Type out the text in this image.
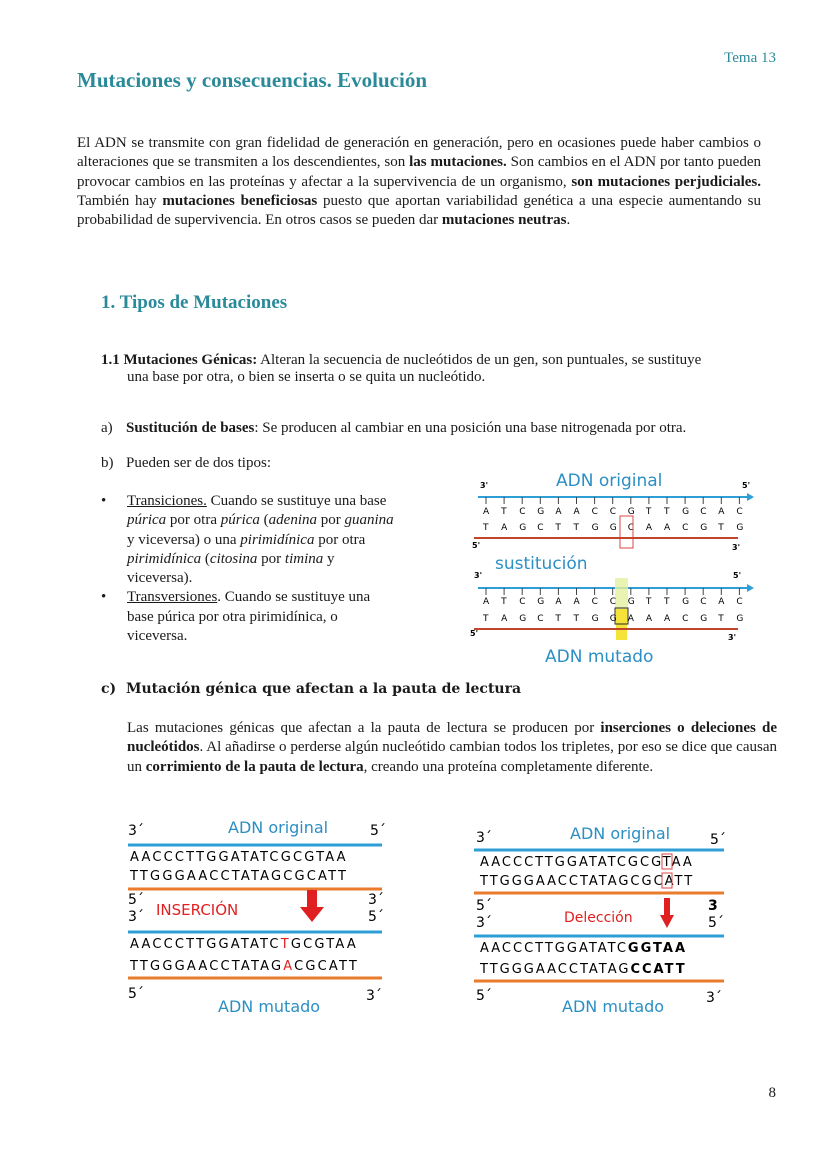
Tema 13
Mutaciones y consecuencias. Evolución
El ADN se transmite con gran fidelidad de generación en generación, pero en ocasiones puede haber cambios o alteraciones que se transmiten a los descendientes, son las mutaciones. Son cambios en el ADN por tanto pueden provocar cambios en las proteínas y afectar a la supervivencia de un organismo, son mutaciones perjudiciales. También hay mutaciones beneficiosas puesto que aportan variabilidad genética a una especie aumentando su probabilidad de supervivencia. En otros casos se pueden dar mutaciones neutras.
1. Tipos de Mutaciones
1.1 Mutaciones Génicas: Alteran la secuencia de nucleótidos de un gen, son puntuales, se sustituye
una base por otra, o bien se inserta o se quita un nucleótido.
a) Sustitución de bases: Se producen al cambiar en una posición una base nitrogenada por otra.
b) Pueden ser de dos tipos:
•	Transiciones. Cuando se sustituye una base púrica por otra púrica (adenina por guanina y viceversa) o una pirimidínica por otra pirimidínica (citosina por timina y viceversa).
•	Transversiones. Cuando se sustituye una base púrica por otra pirimidínica, o viceversa.
ADN original
3'	5'
A T C G A A C C G T T G C A C
T A G C T T G G C A A C G T G
5'	3'
sustitución
3'	5'
A T C G A A C C G T T G C A C
T A G C T T G G A A A C G T G
5'	3'
ADN mutado
c) Mutación génica que afectan a la pauta de lectura
Las mutaciones génicas que afectan a la pauta de lectura se producen por inserciones o deleciones de nucleótidos. Al añadirse o perderse algún nucleótido cambian todos los tripletes, por eso se dice que causan un corrimiento de la pauta de lectura, creando una proteína completamente diferente.
3´	ADN original	5´
AACCCTTGGATATCGCGTAA
TTGGGAACCTATAGCGCATT
5´
3´ INSERCIÓN
3´
5´
AACCCTTGGATATCTGCGTAA
TTGGGAACCTATAGACGCATT
5´
ADN mutado
3´
3´	ADN original	5´
AACCCTTGGATATCGCGTAA
TTGGGAACCTATAGCGCATT
5´
3´	Delección
3
5´
AACCCTTGGATATCGGTAA
TTGGGAACCTATAGCCATT
5´
ADN mutado	3´
8
